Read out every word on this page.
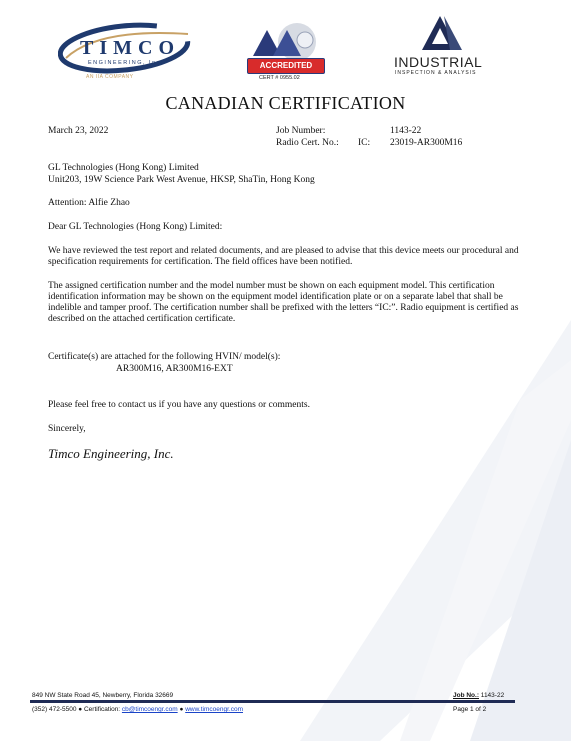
TIMCO
ENGINEERING, Inc.
AN IIA COMPANY
ACCREDITED
CERT # 0955.02
INDUSTRIAL
INSPECTION & ANALYSIS
CANADIAN CERTIFICATION
March 23, 2022	Job Number:	1143-22
Radio Cert. No.: IC: 23019-AR300M16
GL Technologies (Hong Kong) Limited
Unit203, 19W Science Park West Avenue, HKSP, ShaTin, Hong Kong
Attention: Alfie Zhao
Dear GL Technologies (Hong Kong) Limited:
We have reviewed the test report and related documents, and are pleased to advise that this device meets our procedural and specification requirements for certification. The field offices have been notified.
The assigned certification number and the model number must be shown on each equipment model. This certification identification information may be shown on the equipment model identification plate or on a separate label that shall be indelible and tamper proof. The certification number shall be prefixed with the letters “IC:”. Radio equipment is certified as described on the attached certification certificate.
Certificate(s) are attached for the following HVIN/ model(s):
AR300M16, AR300M16-EXT
Please feel free to contact us if you have any questions or comments.
Sincerely,
Timco Engineering, Inc.
849 NW State Road 45, Newberry, Florida 32669
(352) 472-5500 ● Certification: cb@timcoengr.com ● www.timcoengr.com
Job No.: 1143-22
Page 1 of 2
